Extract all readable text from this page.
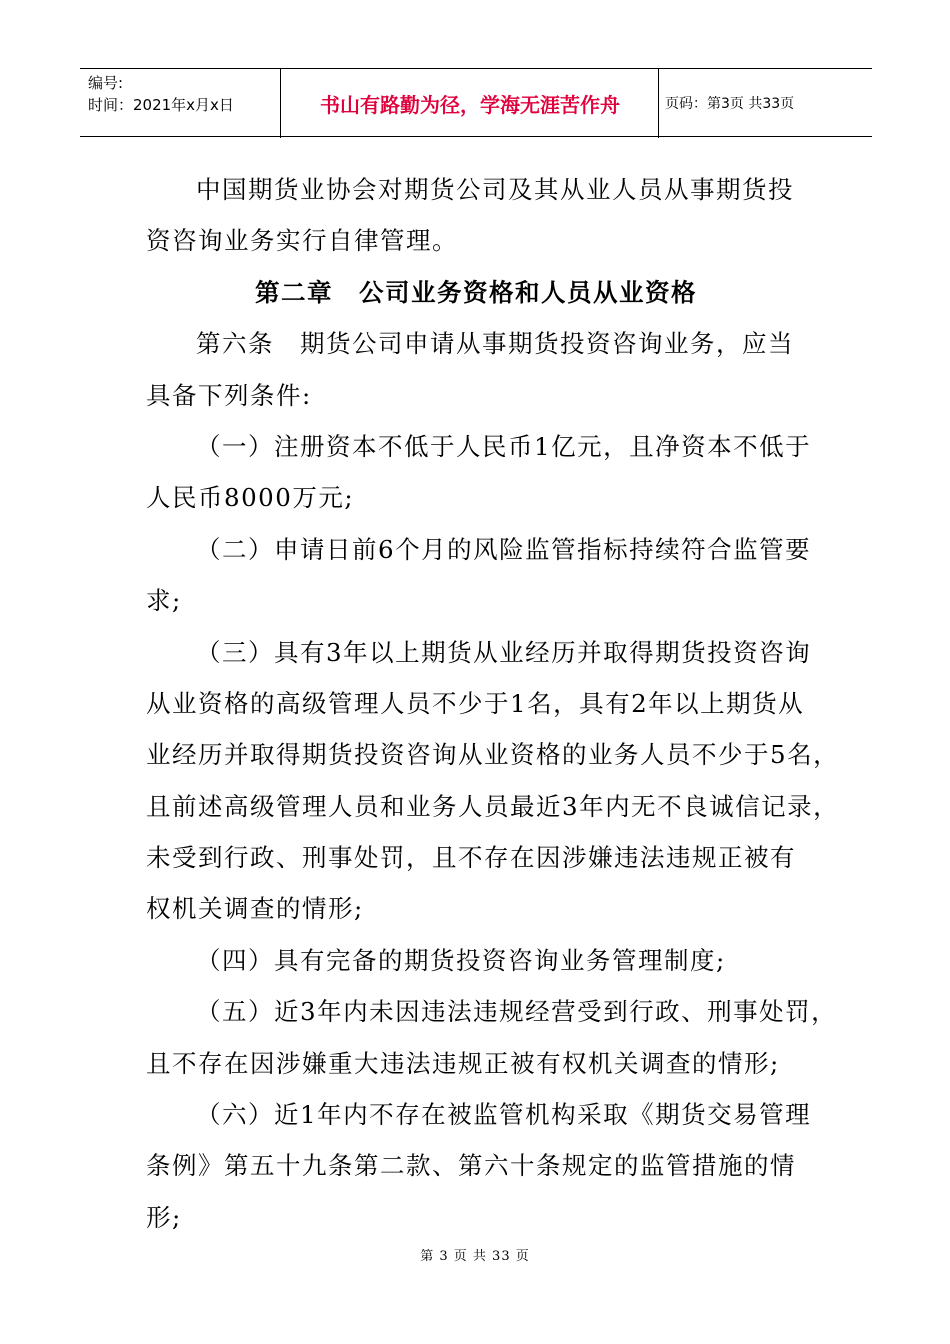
编号:
时间：2021年x月x日	书山有路勤为径，学海无涯苦作舟	页码：第3页 共33页
中国期货业协会对期货公司及其从业人员从事期货投
资咨询业务实行自律管理。
第二章　公司业务资格和人员从业资格
第六条　期货公司申请从事期货投资咨询业务，应当
具备下列条件:
（一）注册资本不低于人民币1亿元，且净资本不低于
人民币8000万元;
（二）申请日前6个月的风险监管指标持续符合监管要
求;
（三）具有3年以上期货从业经历并取得期货投资咨询
从业资格的高级管理人员不少于1名，具有2年以上期货从
业经历并取得期货投资咨询从业资格的业务人员不少于5名，
且前述高级管理人员和业务人员最近3年内无不良诚信记录，
未受到行政、刑事处罚，且不存在因涉嫌违法违规正被有
权机关调查的情形;
（四）具有完备的期货投资咨询业务管理制度;
（五）近3年内未因违法违规经营受到行政、刑事处罚，
且不存在因涉嫌重大违法违规正被有权机关调查的情形;
（六）近1年内不存在被监管机构采取《期货交易管理
条例》第五十九条第二款、第六十条规定的监管措施的情
形;
第 3 页 共 33 页
